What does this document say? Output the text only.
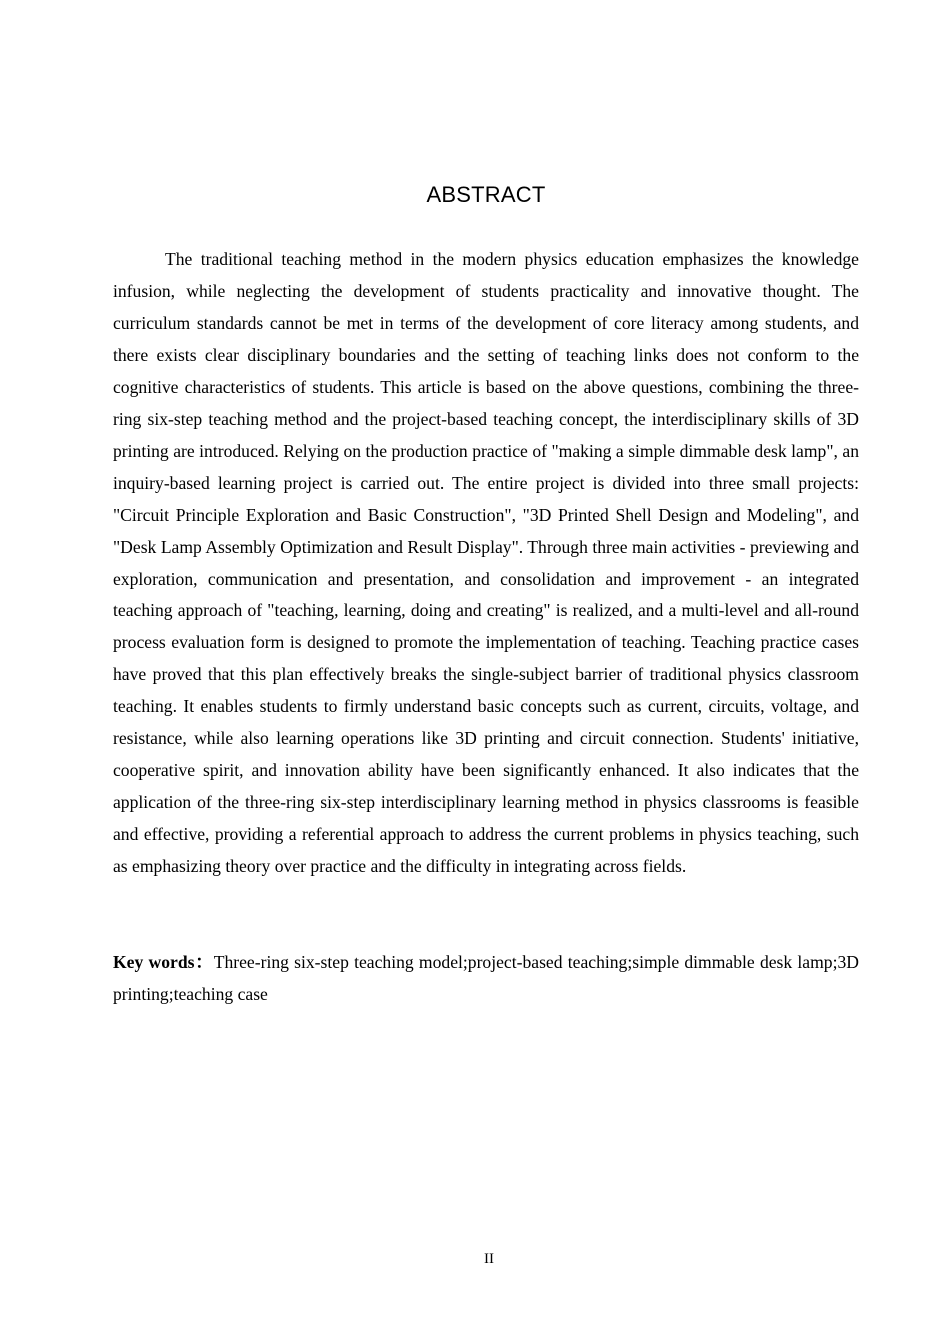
ABSTRACT

The traditional teaching method in the modern physics education emphasizes the knowledge infusion, while neglecting the development of students practicality and innovative thought. The curriculum standards cannot be met in terms of the development of core literacy among students, and there exists clear disciplinary boundaries and the setting of teaching links does not conform to the cognitive characteristics of students. This article is based on the above questions, combining the three-ring six-step teaching method and the project-based teaching concept, the interdisciplinary skills of 3D printing are introduced. Relying on the production practice of "making a simple dimmable desk lamp", an inquiry-based learning project is carried out. The entire project is divided into three small projects: "Circuit Principle Exploration and Basic Construction", "3D Printed Shell Design and Modeling", and "Desk Lamp Assembly Optimization and Result Display". Through three main activities - previewing and exploration, communication and presentation, and consolidation and improvement - an integrated teaching approach of "teaching, learning, doing and creating" is realized, and a multi-level and all-round process evaluation form is designed to promote the implementation of teaching. Teaching practice cases have proved that this plan effectively breaks the single-subject barrier of traditional physics classroom teaching. It enables students to firmly understand basic concepts such as current, circuits, voltage, and resistance, while also learning operations like 3D printing and circuit connection. Students' initiative, cooperative spirit, and innovation ability have been significantly enhanced. It also indicates that the application of the three-ring six-step interdisciplinary learning method in physics classrooms is feasible and effective, providing a referential approach to address the current problems in physics teaching, such as emphasizing theory over practice and the difficulty in integrating across fields.

Key words：Three-ring six-step teaching model;project-based teaching;simple dimmable desk lamp;3D printing;teaching case

II
